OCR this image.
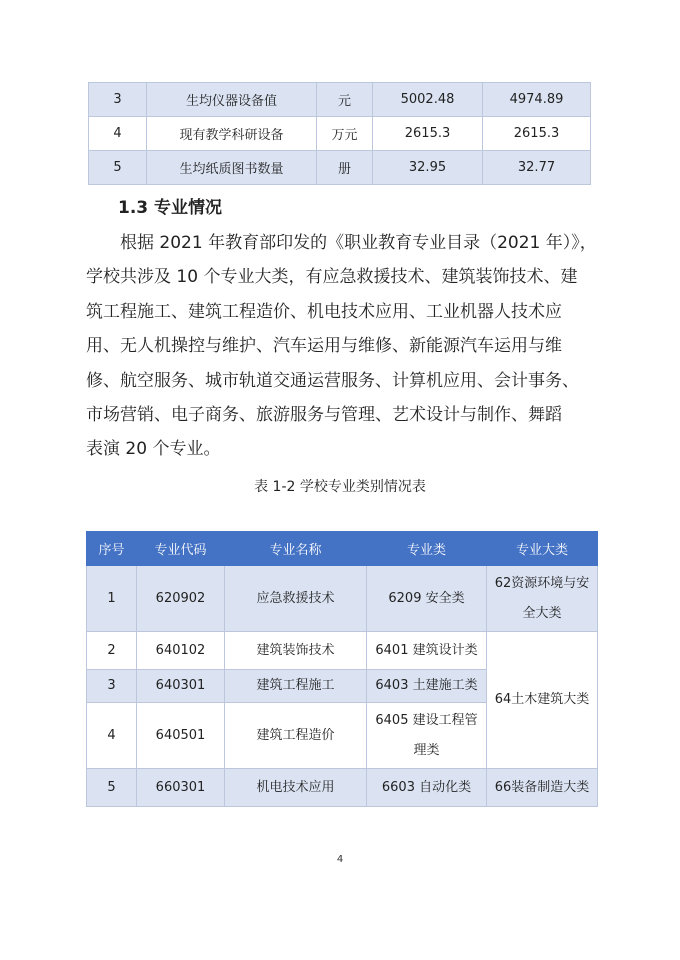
3	生均仪器设备值	元	5002.48	4974.89
4	现有教学科研设备	万元	2615.3	2615.3
5	生均纸质图书数量	册	32.95	32.77
1.3 专业情况
根据 2021 年教育部印发的《职业教育专业目录（2021 年）》，
学校共涉及 10 个专业大类，有应急救援技术、建筑装饰技术、建
筑工程施工、建筑工程造价、机电技术应用、工业机器人技术应
用、无人机操控与维护、汽车运用与维修、新能源汽车运用与维
修、航空服务、城市轨道交通运营服务、计算机应用、会计事务、
市场营销、电子商务、旅游服务与管理、艺术设计与制作、舞蹈
表演 20 个专业。
表 1-2 学校专业类别情况表
序号	专业代码	专业名称	专业类	专业大类
1	620902	应急救援技术	6209 安全类	62资源环境与安
全大类
2	640102	建筑装饰技术	6401 建筑设计类	64土木建筑大类
3	640301	建筑工程施工	6403 土建施工类	
4	640501	建筑工程造价	6405 建设工程管
理类	
5	660301	机电技术应用	6603 自动化类	66装备制造大类
4
